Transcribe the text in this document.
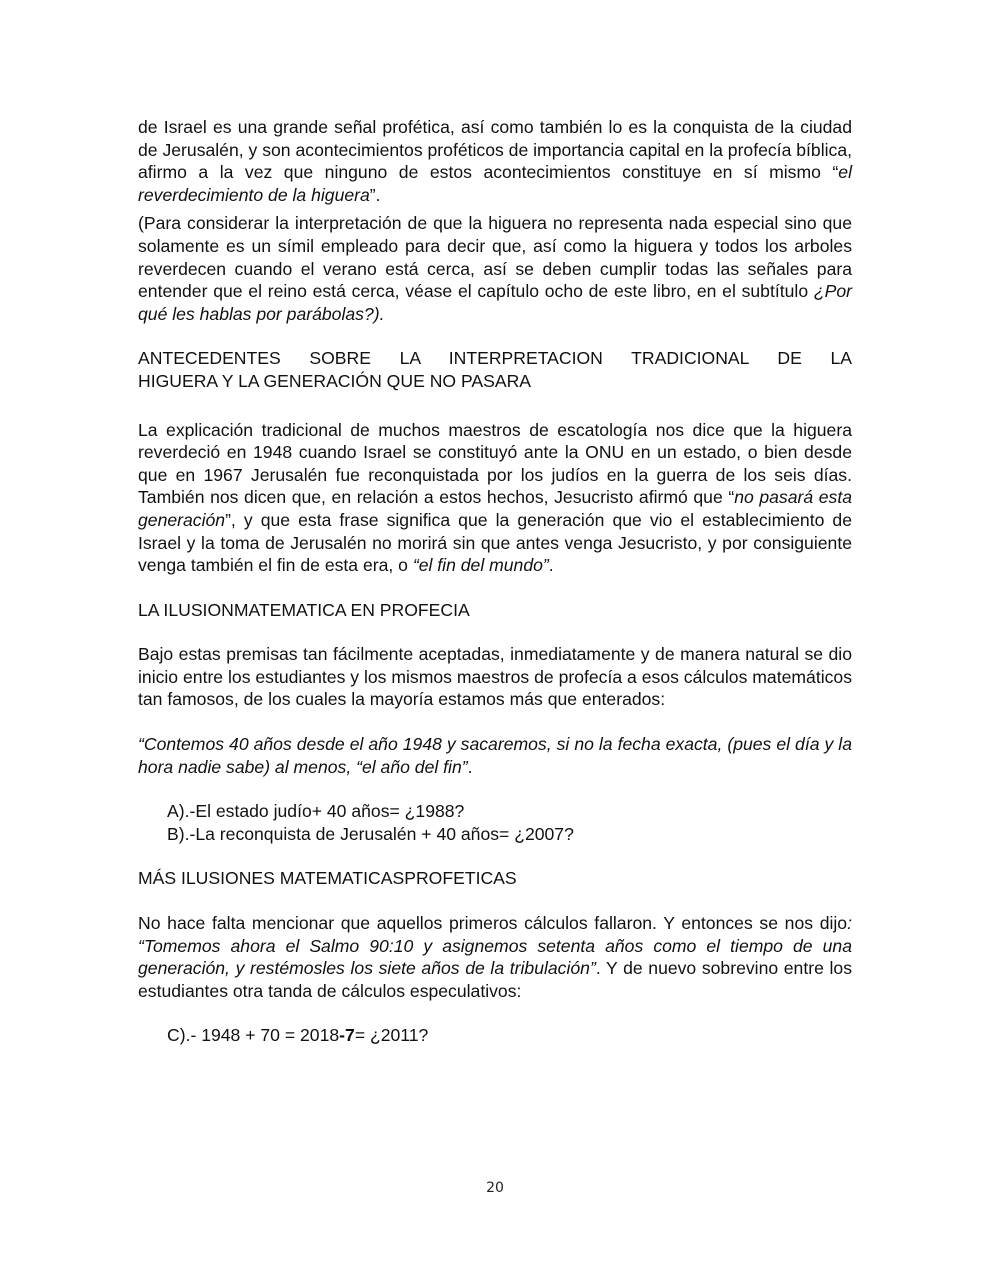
de Israel es una grande señal profética, así como también lo es la conquista de la ciudad de Jerusalén, y son acontecimientos proféticos de importancia capital en la profecía bíblica, afirmo a la vez que ninguno de estos acontecimientos constituye en sí mismo “el reverdecimiento de la higuera”.

(Para considerar la interpretación de que la higuera no representa nada especial sino que solamente es un símil empleado para decir que, así como la higuera y todos los arboles reverdecen cuando el verano está cerca, así se deben cumplir todas las señales para entender que el reino está cerca, véase el capítulo ocho de este libro, en el subtítulo ¿Por qué les hablas por parábolas?).

ANTECEDENTES SOBRE LA INTERPRETACION TRADICIONAL DE LA

HIGUERA Y LA GENERACIÓN QUE NO PASARA

La explicación tradicional de muchos maestros de escatología nos dice que la higuera reverdeció en 1948 cuando Israel se constituyó ante la ONU en un estado, o bien desde que en 1967 Jerusalén fue reconquistada por los judíos en la guerra de los seis días. También nos dicen que, en relación a estos hechos, Jesucristo afirmó que “no pasará esta generación”, y que esta frase significa que la generación que vio el establecimiento de Israel y la toma de Jerusalén no morirá sin que antes venga Jesucristo, y por consiguiente venga también el fin de esta era, o “el fin del mundo”.

LA ILUSIONMATEMATICA EN PROFECIA

Bajo estas premisas tan fácilmente aceptadas, inmediatamente y de manera natural se dio inicio entre los estudiantes y los mismos maestros de profecía a esos cálculos matemáticos tan famosos, de los cuales la mayoría estamos más que enterados:

“Contemos 40 años desde el año 1948 y sacaremos, si no la fecha exacta, (pues el día y la hora nadie sabe) al menos, “el año del fin”.

A).-El estado judío+ 40 años= ¿1988?
B).-La reconquista de Jerusalén + 40 años= ¿2007?

MÁS ILUSIONES MATEMATICASPROFETICAS

No hace falta mencionar que aquellos primeros cálculos fallaron. Y entonces se nos dijo: “Tomemos ahora el Salmo 90:10 y asignemos setenta años como el tiempo de una generación, y restémosles los siete años de la tribulación”. Y de nuevo sobrevino entre los estudiantes otra tanda de cálculos especulativos:

C).- 1948 + 70 = 2018-7= ¿2011?
20
